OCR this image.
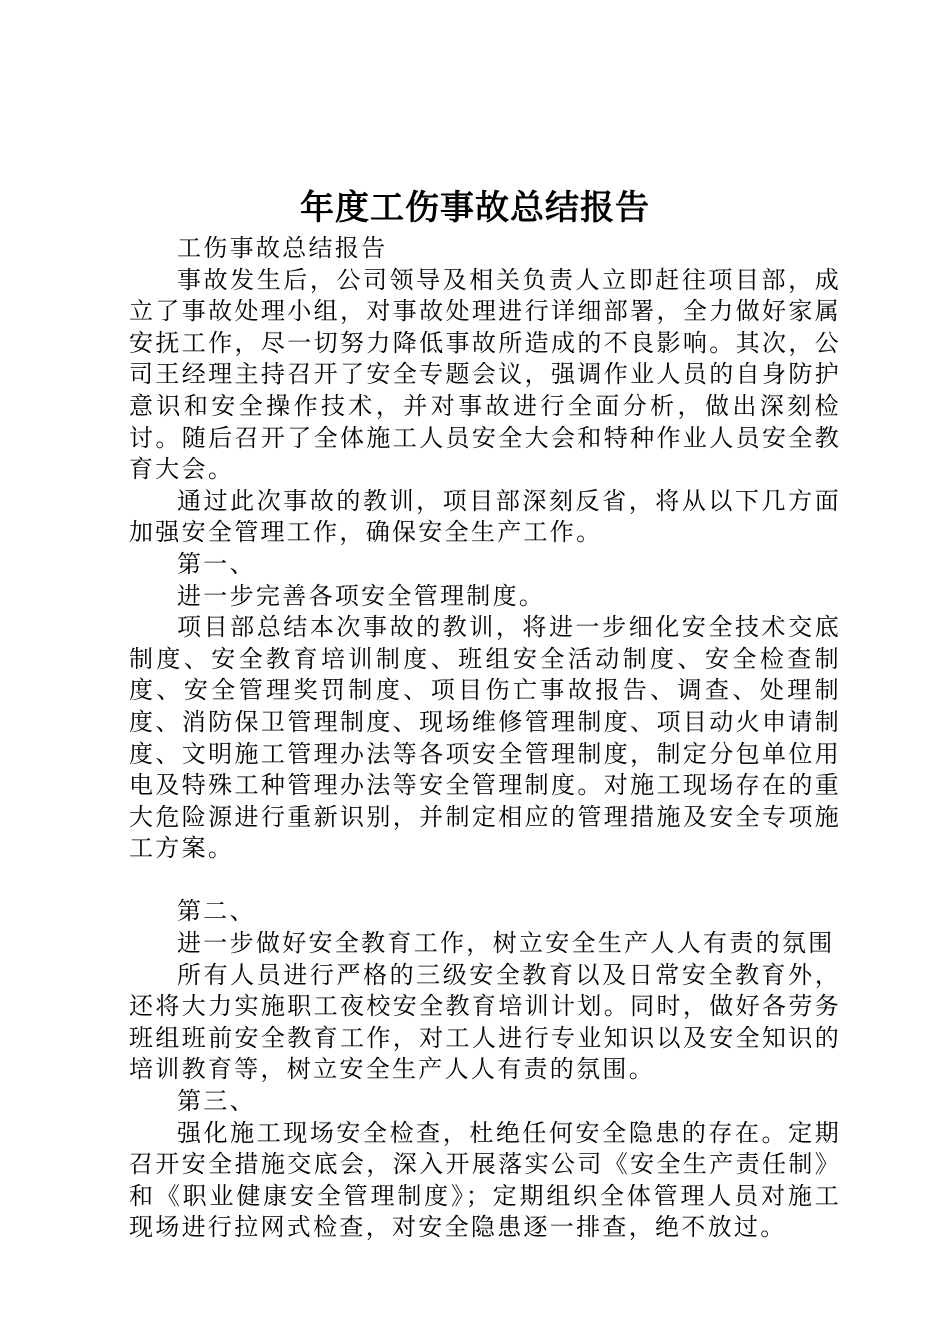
年度工伤事故总结报告

工伤事故总结报告

事故发生后，公司领导及相关负责人立即赶往项目部，成立了事故处理小组，对事故处理进行详细部署，全力做好家属安抚工作，尽一切努力降低事故所造成的不良影响。其次，公司王经理主持召开了安全专题会议，强调作业人员的自身防护意识和安全操作技术，并对事故进行全面分析，做出深刻检讨。随后召开了全体施工人员安全大会和特种作业人员安全教育大会。

通过此次事故的教训，项目部深刻反省，将从以下几方面加强安全管理工作，确保安全生产工作。

第一、

进一步完善各项安全管理制度。

项目部总结本次事故的教训，将进一步细化安全技术交底制度、安全教育培训制度、班组安全活动制度、安全检查制度、安全管理奖罚制度、项目伤亡事故报告、调查、处理制度、消防保卫管理制度、现场维修管理制度、项目动火申请制度、文明施工管理办法等各项安全管理制度，制定分包单位用电及特殊工种管理办法等安全管理制度。对施工现场存在的重大危险源进行重新识别，并制定相应的管理措施及安全专项施工方案。

第二、

进一步做好安全教育工作，树立安全生产人人有责的氛围

所有人员进行严格的三级安全教育以及日常安全教育外，还将大力实施职工夜校安全教育培训计划。同时，做好各劳务班组班前安全教育工作，对工人进行专业知识以及安全知识的培训教育等，树立安全生产人人有责的氛围。

第三、

强化施工现场安全检查，杜绝任何安全隐患的存在。定期召开安全措施交底会，深入开展落实公司《安全生产责任制》和《职业健康安全管理制度》；定期组织全体管理人员对施工现场进行拉网式检查，对安全隐患逐一排查，绝不放过。
